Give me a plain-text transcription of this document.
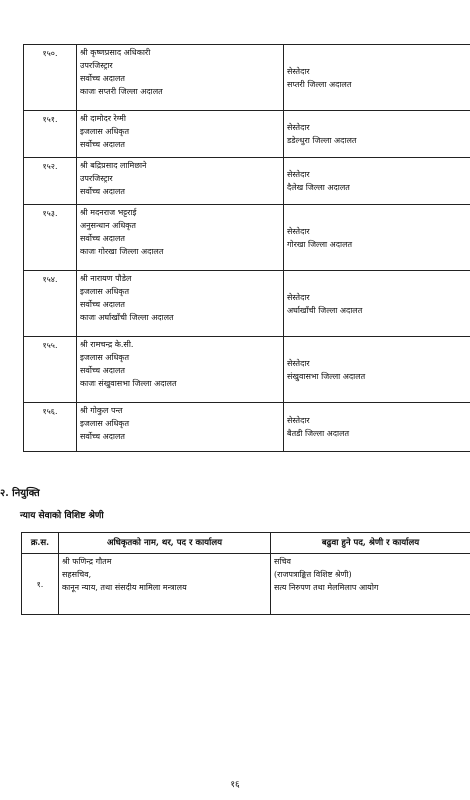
१५०.	श्री कृष्णप्रसाद अधिकारी
उपरजिस्ट्रार
सर्वोच्च अदालत
काजः सप्तरी जिल्ला अदालत	सेस्तेदार
सप्तरी जिल्ला अदालत

१५१.	श्री दामोदर रेग्मी
इजलास अधिकृत
सर्वोच्च अदालत	सेस्तेदार
डडेल्धुरा जिल्ला अदालत

१५२.	श्री बद्रिप्रसाद लामिछाने
उपरजिस्ट्रार
सर्वोच्च अदालत	सेस्तेदार
दैलेख जिल्ला अदालत

१५३.	श्री मदनराज भट्टराई
अनुसन्धान अधिकृत
सर्वोच्च अदालत
काजः गोरखा जिल्ला अदालत	सेस्तेदार
गोरखा जिल्ला अदालत

१५४.	श्री नारायण पौडेल
इजलास अधिकृत
सर्वोच्च अदालत
काजः अर्घाखाँची जिल्ला अदालत	सेस्तेदार
अर्घाखाँची जिल्ला अदालत

१५५.	श्री रामचन्द्र के.सी.
इजलास अधिकृत
सर्वोच्च अदालत
काजः संखुवासभा जिल्ला अदालत	सेस्तेदार
संखुवासभा जिल्ला अदालत

१५६.	श्री गोकुल पन्त
इजलास अधिकृत
सर्वोच्च अदालत	सेस्तेदार
बैतडी जिल्ला अदालत
२. नियुक्ति
न्याय सेवाको विशिष्ट श्रेणी
क्र.स.	अधिकृतको नाम, थर, पद र कार्यालय	बढुवा हुने पद, श्रेणी र कार्यालय
१.	श्री फणिन्द्र गौतम
सहसचिव,
कानून न्याय, तथा संसदीय मामिला मन्त्रालय	सचिव
(राजपत्राङ्कित विशिष्ट श्रेणी)
सत्य निरुपण तथा मेलमिलाप आयोग
१६
